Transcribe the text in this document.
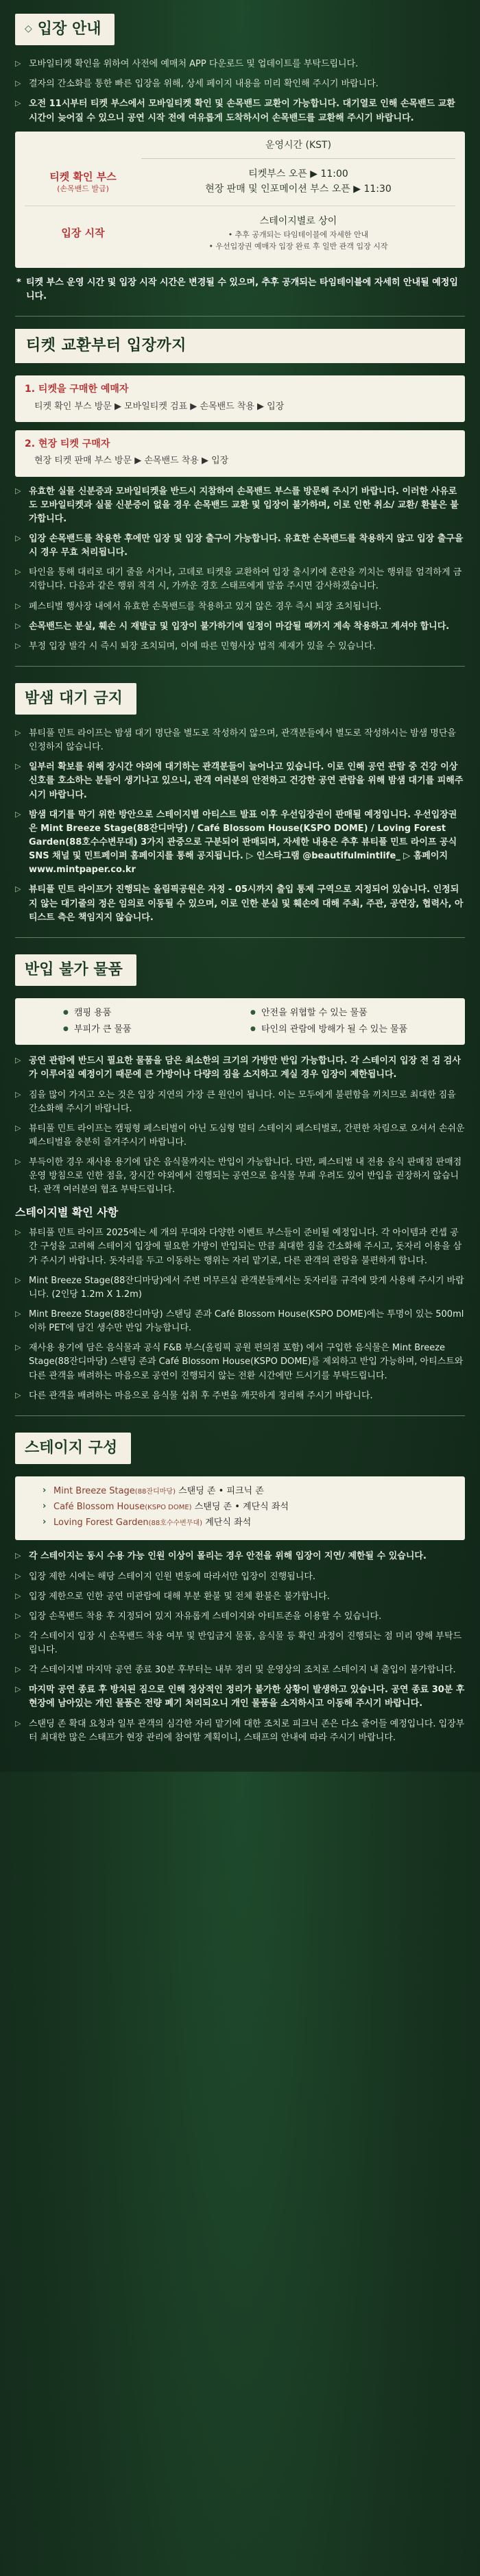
◇ 입장 안내
▷ 모바일티켓 확인을 위하여 사전에 예매처 APP 다운로드 및 업데이트를 부탁드립니다.
▷ 결자의 간소화를 통한 빠른 입장을 위해, 상세 페이지 내용을 미리 확인해 주시기 바랍니다.
▷ 오전 11시부터 티켓 부스에서 모바일티켓 확인 및 손목밴드 교환이 가능합니다. 대기열로 인해 손목밴드 교환 시간이 늦어질 수 있으니 공연 시작 전에 여유롭게 도착하시어 손목밴드를 교환해 주시기 바랍니다.
운영시간 (KST)
티켓 확인 부스
(손목밴드 발급)
티켓부스 오픈 ▶ 11:00
현장 판매 및 인포메이션 부스 오픈 ▶ 11:30
입장 시작
스테이지별로 상이
• 추후 공개되는 타임테이블에 자세한 안내
• 우선입장권 예매자 입장 완료 후 일반 관객 입장 시작
* 티켓 부스 운영 시간 및 입장 시작 시간은 변경될 수 있으며, 추후 공개되는 타임테이블에 자세히 안내될 예정입니다.
티켓 교환부터 입장까지
1. 티켓을 구매한 예매자
티켓 확인 부스 방문 ▶ 모바일티켓 검표 ▶ 손목밴드 착용 ▶ 입장
2. 현장 티켓 구매자
현장 티켓 판매 부스 방문 ▶ 손목밴드 착용 ▶ 입장
▷ 유효한 실물 신분증과 모바일티켓을 반드시 지참하여 손목밴드 부스를 방문해 주시기 바랍니다. 이러한 사유로도 모바일티켓과 실물 신분증이 없을 경우 손목밴드 교환 및 입장이 불가하며, 이로 인한 취소/ 교환/ 환불은 불가합니다.
▷ 입장 손목밴드를 착용한 후에만 입장 및 입장 출구이 가능합니다. 유효한 손목밴드를 착용하지 않고 입장 출구을 시 경우 무효 처리됩니다.
▷ 타인을 통해 대리로 대기 줄을 서거나, 고데로 티켓을 교환하여 입장 출시키에 혼란을 끼치는 행위를 엄격하게 금지합니다. 다음과 같은 행위 적격 시, 가까운 경호 스태프에게 말씀 주시면 감사하겠습니다.
▷ 페스티벌 행사장 내에서 유효한 손목밴드를 착용하고 있지 않은 경우 즉시 퇴장 조치됩니다.
▷ 손목밴드는 분실, 훼손 시 재발급 및 입장이 불가하기에 일정이 마감될 때까지 계속 착용하고 계셔야 합니다.
▷ 부정 입장 발각 시 즉시 퇴장 조치되며, 이에 따른 민형사상 법적 제재가 있을 수 있습니다.
밤샘 대기 금지
▷ 뷰티풀 민트 라이프는 밤샘 대기 명단을 별도로 작성하지 않으며, 관객분들에서 별도로 작성하시는 밤샘 명단을 인정하지 않습니다.
▷ 일부러 확보를 위해 장시간 야외에 대기하는 관객분들이 늘어나고 있습니다. 이로 인해 공연 관람 중 건강 이상 신호를 호소하는 분들이 생기나고 있으니, 관객 여러분의 안전하고 건강한 공연 관람을 위해 밤샘 대기를 피해주시기 바랍니다.
▷ 밤샘 대기를 막기 위한 방안으로 스테이지별 아티스트 발표 이후 우선입장권이 판매될 예정입니다. 우선입장권은 Mint Breeze Stage(88잔디마당) / Café Blossom House(KSPO DOME) / Loving Forest Garden(88호수수변무대) 3가지 관중으로 구분되어 판매되며, 자세한 내용은 추후 뷰티풀 민트 라이프 공식 SNS 채널 및 민트페이퍼 홈페이지를 통해 공지됩니다. ▷ 인스타그램 @beautifulmintlife_ ▷ 홈페이지 www.mintpaper.co.kr
▷ 뷰티풀 민트 라이프가 진행되는 올림픽공원은 자정 - 05시까지 출입 통제 구역으로 지정되어 있습니다. 인정되지 않는 대기줄의 정은 임의로 이동될 수 있으며, 이로 인한 분실 및 훼손에 대해 주최, 주관, 공연장, 협력사, 아티스트 측은 책임지지 않습니다.
반입 불가 물품
● 캠핑 용품	● 안전을 위협할 수 있는 물품
● 부피가 큰 물품	● 타인의 관람에 방해가 될 수 있는 물품
▷ 공연 관람에 반드시 필요한 물품을 담은 최소한의 크기의 가방만 반입 가능합니다. 각 스테이지 입장 전 검 검사가 이루어질 예정이기 때문에 큰 가방이나 다량의 짐을 소지하고 계실 경우 입장이 제한됩니다.
▷ 짐을 많이 가지고 오는 것은 입장 지연의 가장 큰 원인이 됩니다. 이는 모두에게 불편함을 끼치므로 최대한 짐을 간소화해 주시기 바랍니다.
▷ 뷰티풀 민트 라이프는 캠핑형 페스티벌이 아닌 도심형 멀티 스테이지 페스티벌로, 간편한 차림으로 오셔서 손쉬운 페스티벌을 충분히 즐겨주시기 바랍니다.
▷ 부득이한 경우 재사용 용기에 담은 음식물까지는 반입이 가능합니다. 다만, 페스티벌 내 전용 음식 판매점 판매점 운영 방침으로 인한 점을, 장시간 야외에서 진행되는 공연으로 음식물 부패 우려도 있어 반입을 권장하지 않습니다. 관객 여러분의 협조 부탁드립니다.
스테이지별 확인 사항
▷ 뷰티풀 민트 라이프 2025에는 세 개의 무대와 다양한 이벤트 부스들이 준비될 예정입니다. 각 아이템과 컨셉 공간 구성을 고려해 스테이지 입장에 필요한 가방이 반입되는 만큼 최대한 짐을 간소화해 주시고, 돗자리 이용을 삼가 주시기 바랍니다. 돗자리를 두고 이동하는 행위는 자리 맡기로, 다른 관객의 관람을 불편하게 합니다.
▷ Mint Breeze Stage(88잔디마당)에서 주변 머무르실 관객분들께서는 돗자리를 규격에 맞게 사용해 주시기 바랍니다. (2인당 1.2m X 1.2m)
▷ Mint Breeze Stage(88잔디마당) 스탠딩 존과 Café Blossom House(KSPO DOME)에는 투명이 있는 500ml 이하 PET에 담긴 생수만 반입 가능합니다.
▷ 재사용 용기에 담은 음식물과 공식 F&B 부스(올림픽 공원 편의점 포함) 에서 구입한 음식물은 Mint Breeze Stage(88잔디마당) 스탠딩 존과 Café Blossom House(KSPO DOME)를 제외하고 반입 가능하며, 아티스트와 다른 관객을 배려하는 마음으로 공연이 진행되지 않는 전환 시간에만 드시기를 부탁드립니다.
▷ 다른 관객을 배려하는 마음으로 음식물 섭취 후 주변을 깨끗하게 정리해 주시기 바랍니다.
스테이지 구성
› Mint Breeze Stage(88잔디마당) 스탠딩 존 • 피크닉 존
› Café Blossom House(KSPO DOME) 스탠딩 존 • 계단식 좌석
› Loving Forest Garden(88호수수변무대) 계단식 좌석
▷ 각 스테이지는 동시 수용 가능 인원 이상이 몰리는 경우 안전을 위해 입장이 지연/ 제한될 수 있습니다.
▷ 입장 제한 시에는 해당 스테이지 인원 변동에 따라서만 입장이 진행됩니다.
▷ 입장 제한으로 인한 공연 미관람에 대해 부분 환불 및 전체 환불은 불가합니다.
▷ 입장 손목밴드 착용 후 지정되어 있지 자유롭게 스테이지와 아티트존을 이용할 수 있습니다.
▷ 각 스테이지 입장 시 손목밴드 착용 여부 및 반입금지 물품, 음식물 등 확인 과정이 진행되는 점 미리 양해 부탁드립니다.
▷ 각 스테이지별 마지막 공연 종료 30분 후부터는 내부 정리 및 운영상의 조치로 스테이지 내 출입이 불가합니다.
▷ 마지막 공연 종료 후 방치된 짐으로 인해 정상적인 정리가 불가한 상황이 발생하고 있습니다. 공연 종료 30분 후 현장에 남아있는 개인 물품은 전량 폐기 처리되오니 개인 물품을 소지하시고 이동해 주시기 바랍니다.
▷ 스탠딩 존 확대 요청과 일부 관객의 심각한 자리 맡기에 대한 조치로 피크닉 존은 다소 줄어들 예정입니다. 입장부터 최대한 많은 스태프가 현장 관리에 참여할 계획이니, 스태프의 안내에 따라 주시기 바랍니다.
